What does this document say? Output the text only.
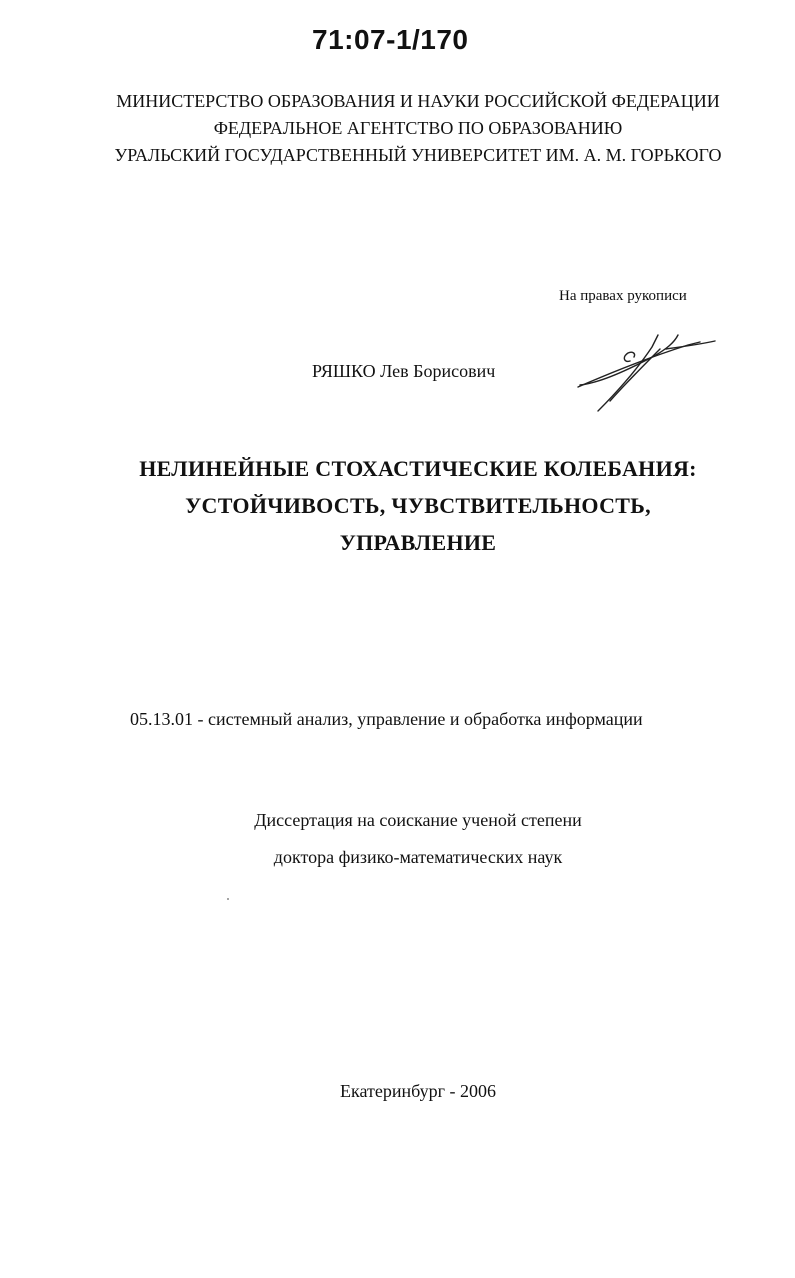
71:07-1/170
МИНИСТЕРСТВО ОБРАЗОВАНИЯ И НАУКИ РОССИЙСКОЙ ФЕДЕРАЦИИ
ФЕДЕРАЛЬНОЕ АГЕНТСТВО ПО ОБРАЗОВАНИЮ
УРАЛЬСКИЙ ГОСУДАРСТВЕННЫЙ УНИВЕРСИТЕТ ИМ. А. М. ГОРЬКОГО
На правах рукописи
РЯШКО Лев Борисович
НЕЛИНЕЙНЫЕ СТОХАСТИЧЕСКИЕ КОЛЕБАНИЯ:
УСТОЙЧИВОСТЬ, ЧУВСТВИТЕЛЬНОСТЬ,
УПРАВЛЕНИЕ
05.13.01 - системный анализ, управление и обработка информации
Диссертация на соискание учeной степени
доктора физико-математических наук
Екатеринбург - 2006
